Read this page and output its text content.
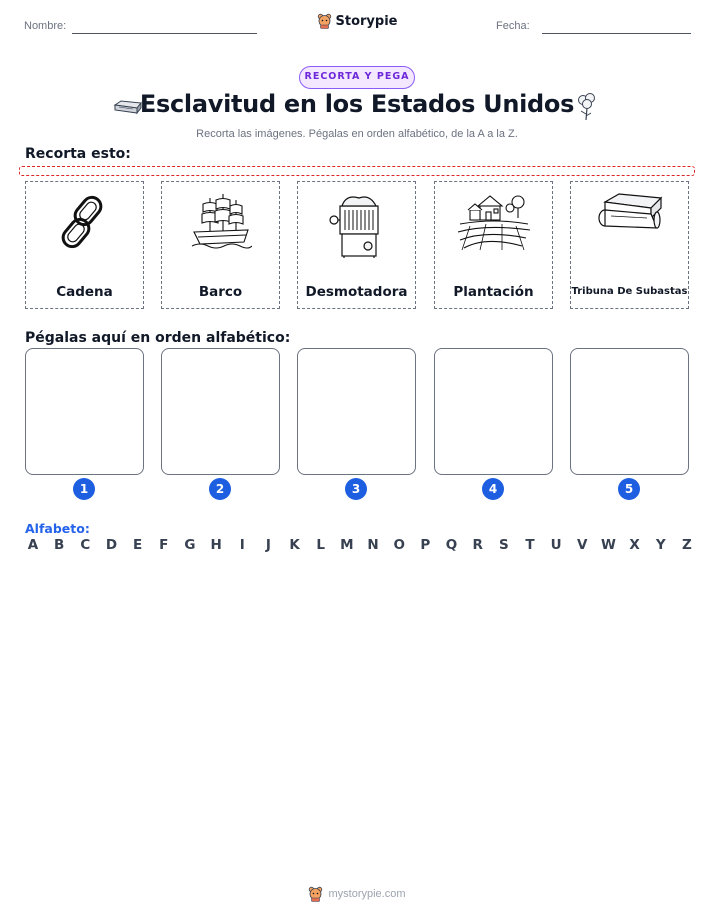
Nombre:	Fecha:
Storypie
RECORTA Y PEGA
Esclavitud en los Estados Unidos
Recorta las imágenes. Pégalas en orden alfabético, de la A a la Z.
Recorta esto:
Cadena	Barco	Desmotadora	Plantación	Tribuna De Subastas
Pégalas aquí en orden alfabético:
1	2	3	4	5
Alfabeto:
A B C D E F G H	I	J	K L M N O P Q R S T U V W X Y Z
mystorypie.com
